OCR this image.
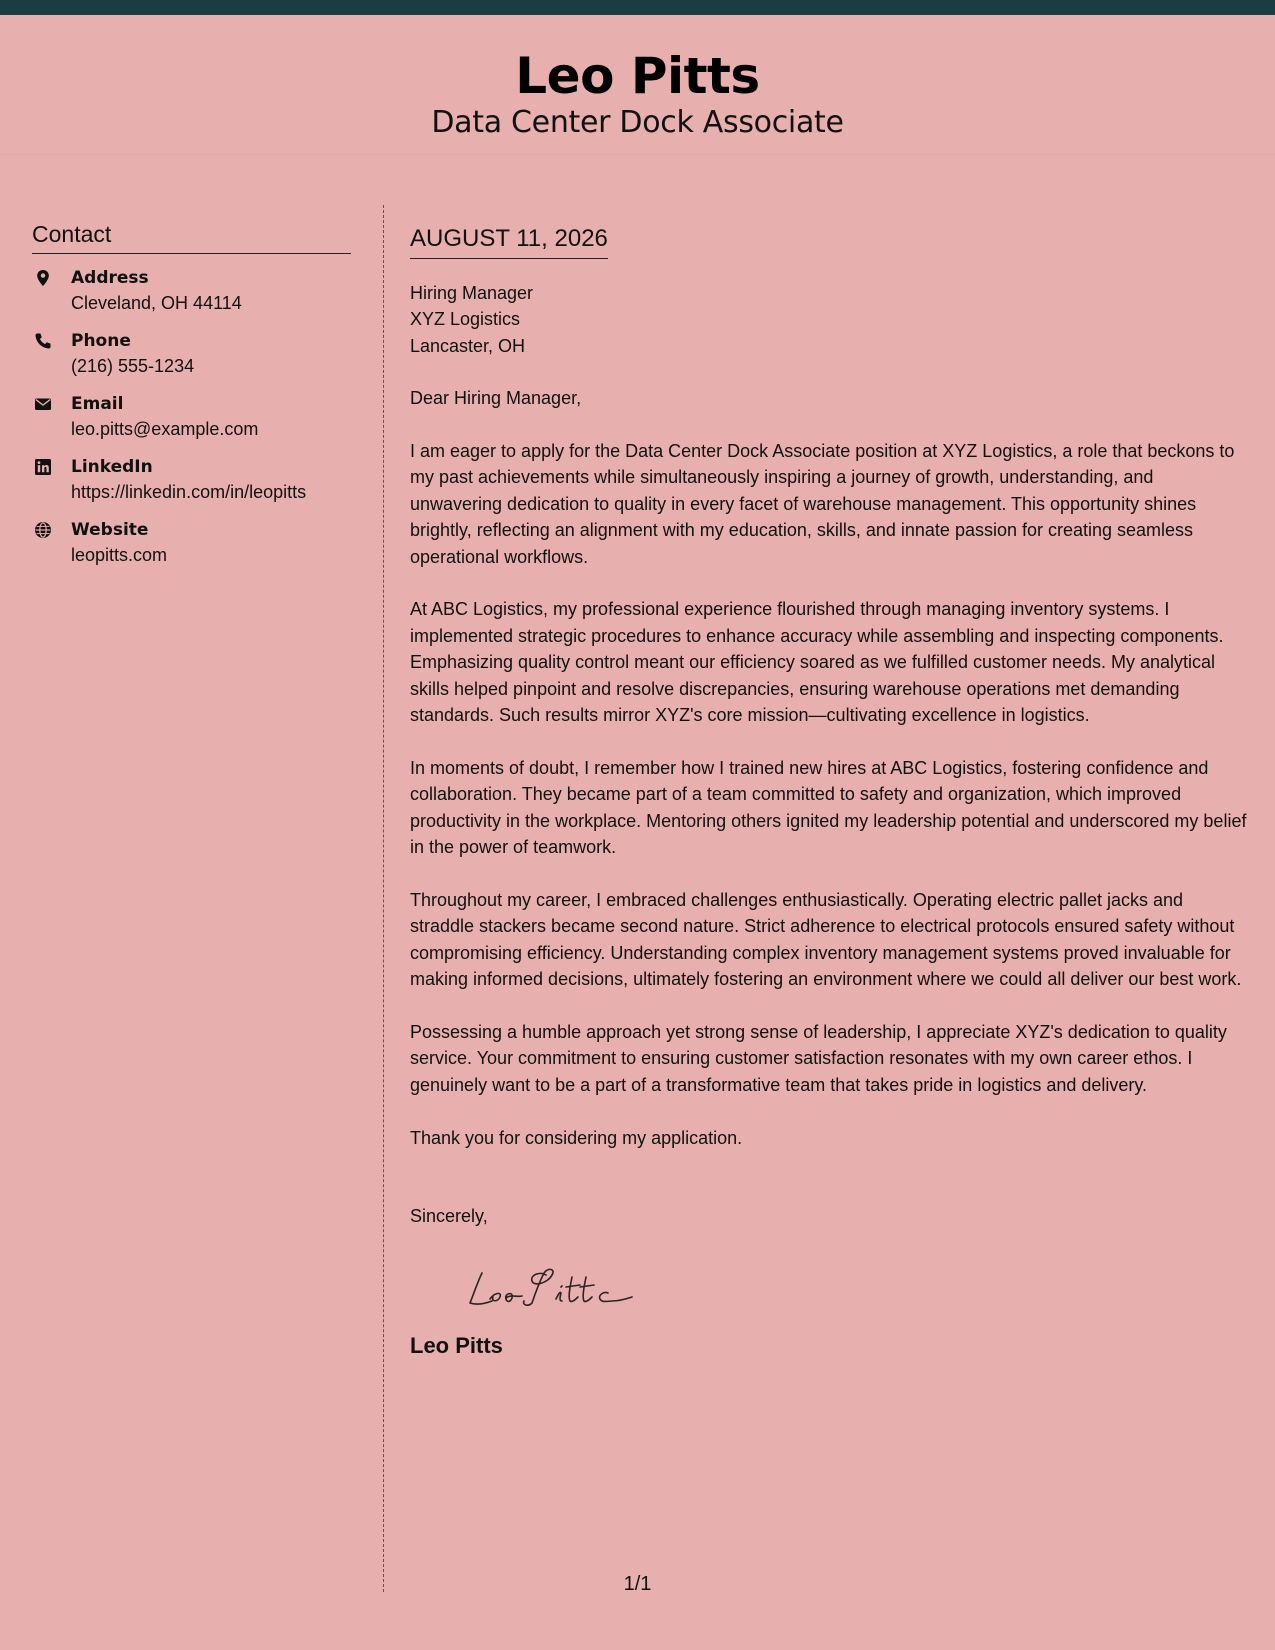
Leo Pitts
Data Center Dock Associate
Contact
Address
Cleveland, OH 44114
Phone
(216) 555-1234
Email
leo.pitts@example.com
LinkedIn
https://linkedin.com/in/leopitts
Website
leopitts.com
AUGUST 11, 2026
Hiring Manager
XYZ Logistics
Lancaster, OH
Dear Hiring Manager,

I am eager to apply for the Data Center Dock Associate position at XYZ Logistics, a role that beckons to my past achievements while simultaneously inspiring a journey of growth, understanding, and unwavering dedication to quality in every facet of warehouse management. This opportunity shines brightly, reflecting an alignment with my education, skills, and innate passion for creating seamless operational workflows.

At ABC Logistics, my professional experience flourished through managing inventory systems. I implemented strategic procedures to enhance accuracy while assembling and inspecting components. Emphasizing quality control meant our efficiency soared as we fulfilled customer needs. My analytical skills helped pinpoint and resolve discrepancies, ensuring warehouse operations met demanding standards. Such results mirror XYZ's core mission—cultivating excellence in logistics.

In moments of doubt, I remember how I trained new hires at ABC Logistics, fostering confidence and collaboration. They became part of a team committed to safety and organization, which improved productivity in the workplace. Mentoring others ignited my leadership potential and underscored my belief in the power of teamwork.

Throughout my career, I embraced challenges enthusiastically. Operating electric pallet jacks and straddle stackers became second nature. Strict adherence to electrical protocols ensured safety without compromising efficiency. Understanding complex inventory management systems proved invaluable for making informed decisions, ultimately fostering an environment where we could all deliver our best work.

Possessing a humble approach yet strong sense of leadership, I appreciate XYZ's dedication to quality service. Your commitment to ensuring customer satisfaction resonates with my own career ethos. I genuinely want to be a part of a transformative team that takes pride in logistics and delivery.

Thank you for considering my application.

Sincerely,
Leo Pitts
1/1
